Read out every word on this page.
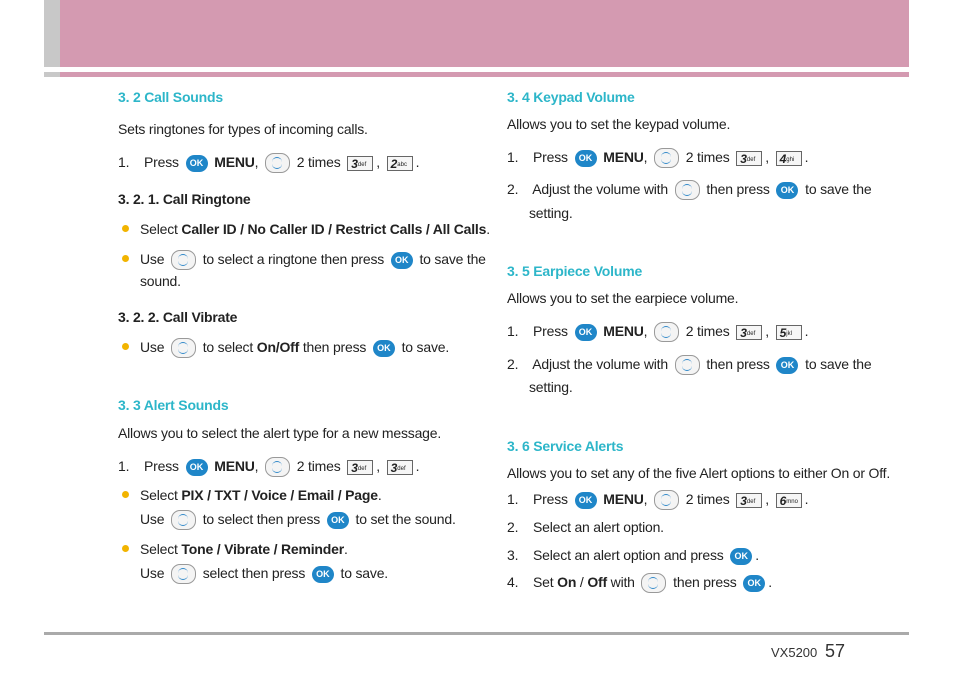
3. 2 Call Sounds
Sets ringtones for types of incoming calls.
1. Press OK MENU,  2 times 3def , 2abc .
3. 2. 1. Call Ringtone
Select Caller ID / No Caller ID / Restrict Calls / All Calls.
Use	to select a ringtone then press OK to save the
sound.
3. 2. 2. Call Vibrate
Use	to select On/Off then press OK to save.
3. 3 Alert Sounds
Allows you to select the alert type for a new message.
1. Press OK MENU,  2 times 3def , 3def .
Select PIX / TXT / Voice / Email / Page.
Use	to select then press OK to set the sound.
Select Tone / Vibrate / Reminder.
Use	select then press OK to save.
3. 4 Keypad Volume
Allows you to set the keypad volume.
1. Press OK MENU,  2 times 3def , 4ghi .
2. Adjust the volume with	then press OK to save the
setting.
3. 5 Earpiece Volume
Allows you to set the earpiece volume.
1. Press OK MENU,  2 times 3def , 5jkl .
2. Adjust the volume with	then press OK to save the
setting.
3. 6 Service Alerts
Allows you to set any of the five Alert options to either On or Off.
1. Press OK MENU,  2 times 3def , 6mno .
2. Select an alert option.
3. Select an alert option and press OK .
4. Set On / Off with	then press OK .
VX5200 57
